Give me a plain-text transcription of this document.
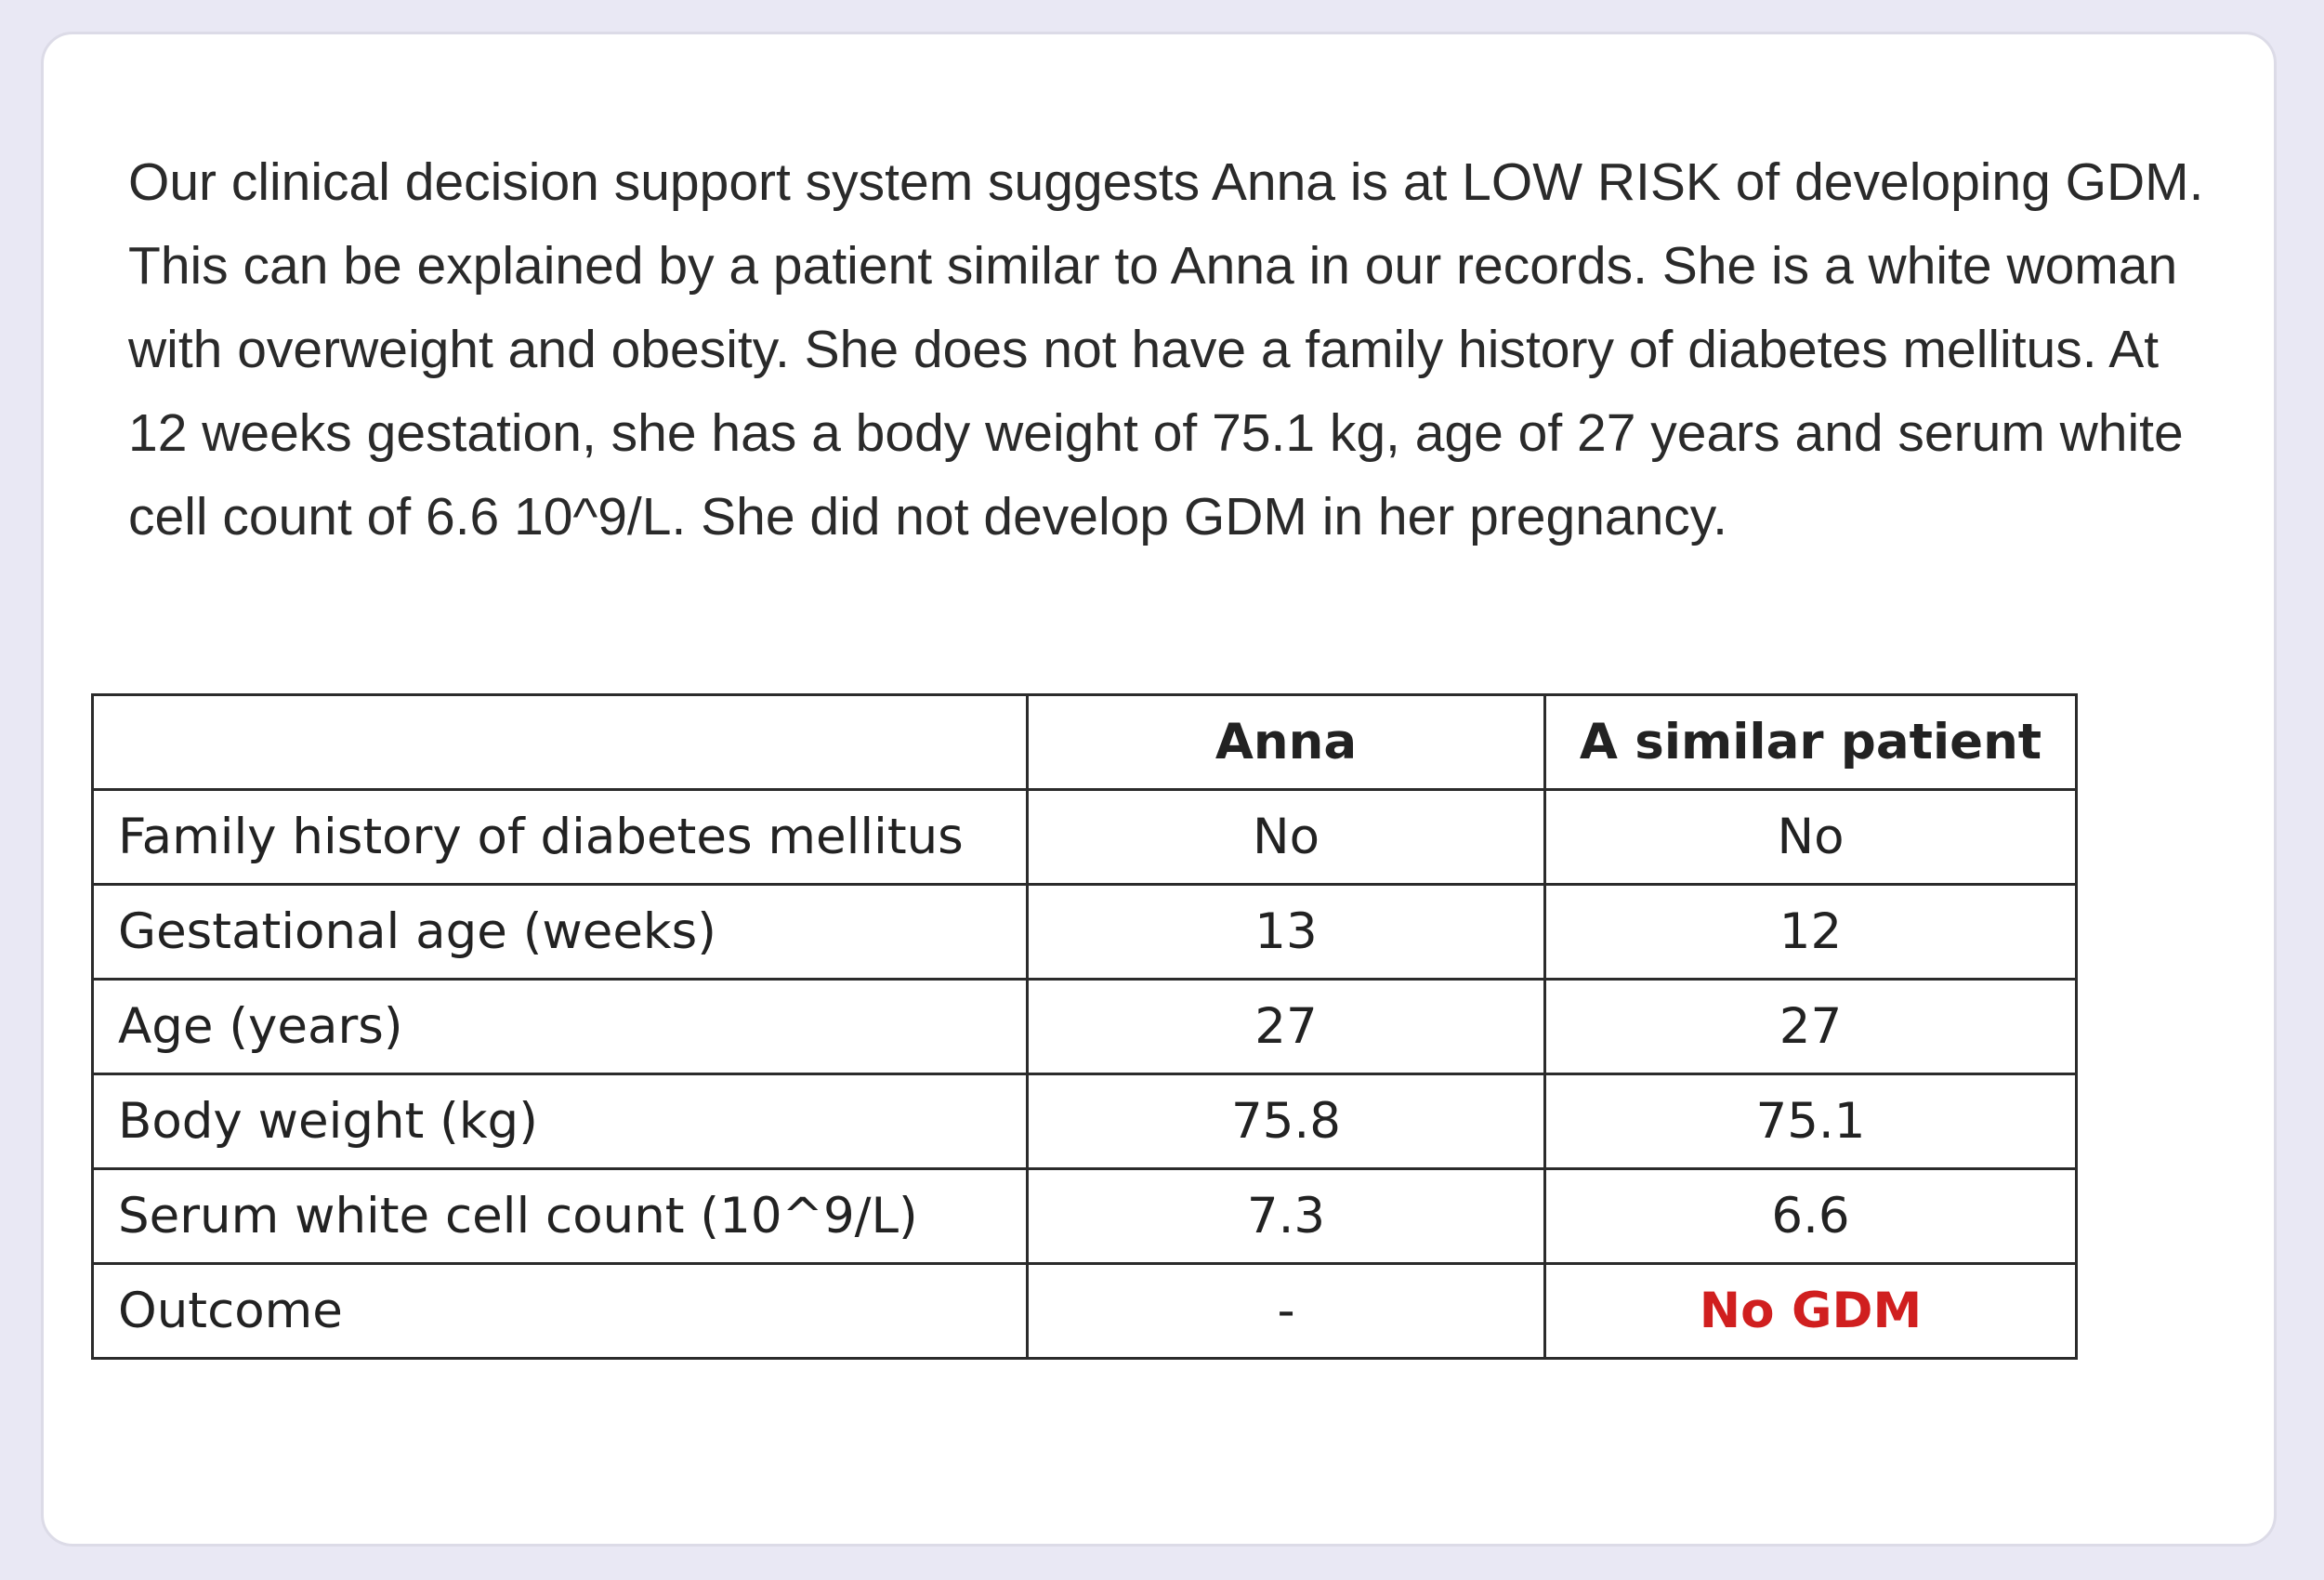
Our clinical decision support system suggests Anna is at LOW RISK of developing GDM. This can be explained by a patient similar to Anna in our records. She is a white woman with overweight and obesity. She does not have a family history of diabetes mellitus. At 12 weeks gestation, she has a body weight of 75.1 kg, age of 27 years and serum white cell count of 6.6 10^9/L. She did not develop GDM in her pregnancy.

	Anna	A similar patient
Family history of diabetes mellitus	No	No
Gestational age (weeks)	13	12
Age (years)	27	27
Body weight (kg)	75.8	75.1
Serum white cell count (10^9/L)	7.3	6.6
Outcome	-	No GDM
